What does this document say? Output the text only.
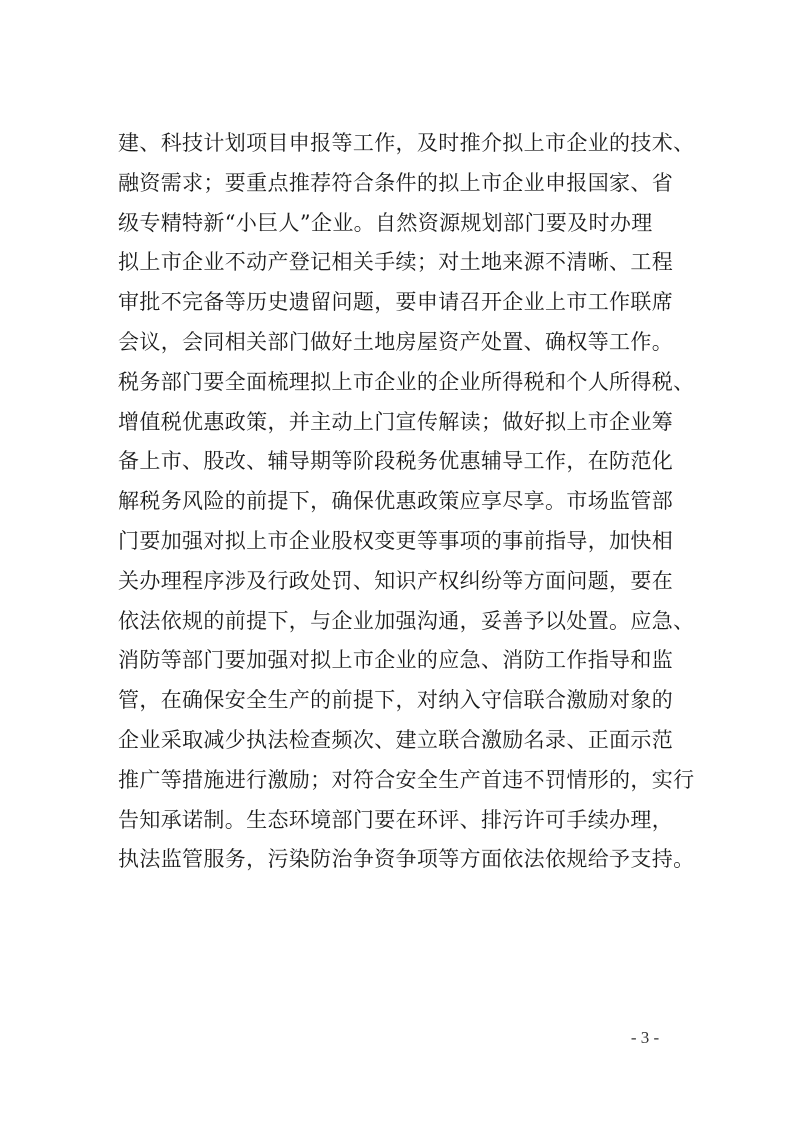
建、科技计划项目申报等工作，及时推介拟上市企业的技术、
融资需求；要重点推荐符合条件的拟上市企业申报国家、省
级专精特新“小巨人”企业。自然资源规划部门要及时办理
拟上市企业不动产登记相关手续；对土地来源不清晰、工程
审批不完备等历史遗留问题，要申请召开企业上市工作联席
会议，会同相关部门做好土地房屋资产处置、确权等工作。
税务部门要全面梳理拟上市企业的企业所得税和个人所得税、
增值税优惠政策，并主动上门宣传解读；做好拟上市企业筹
备上市、股改、辅导期等阶段税务优惠辅导工作，在防范化
解税务风险的前提下，确保优惠政策应享尽享。市场监管部
门要加强对拟上市企业股权变更等事项的事前指导，加快相
关办理程序涉及行政处罚、知识产权纠纷等方面问题，要在
依法依规的前提下，与企业加强沟通，妥善予以处置。应急、
消防等部门要加强对拟上市企业的应急、消防工作指导和监
管，在确保安全生产的前提下，对纳入守信联合激励对象的
企业采取减少执法检查频次、建立联合激励名录、正面示范
推广等措施进行激励；对符合安全生产首违不罚情形的，实行
告知承诺制。生态环境部门要在环评、排污许可手续办理，
执法监管服务，污染防治争资争项等方面依法依规给予支持。
- 3 -
